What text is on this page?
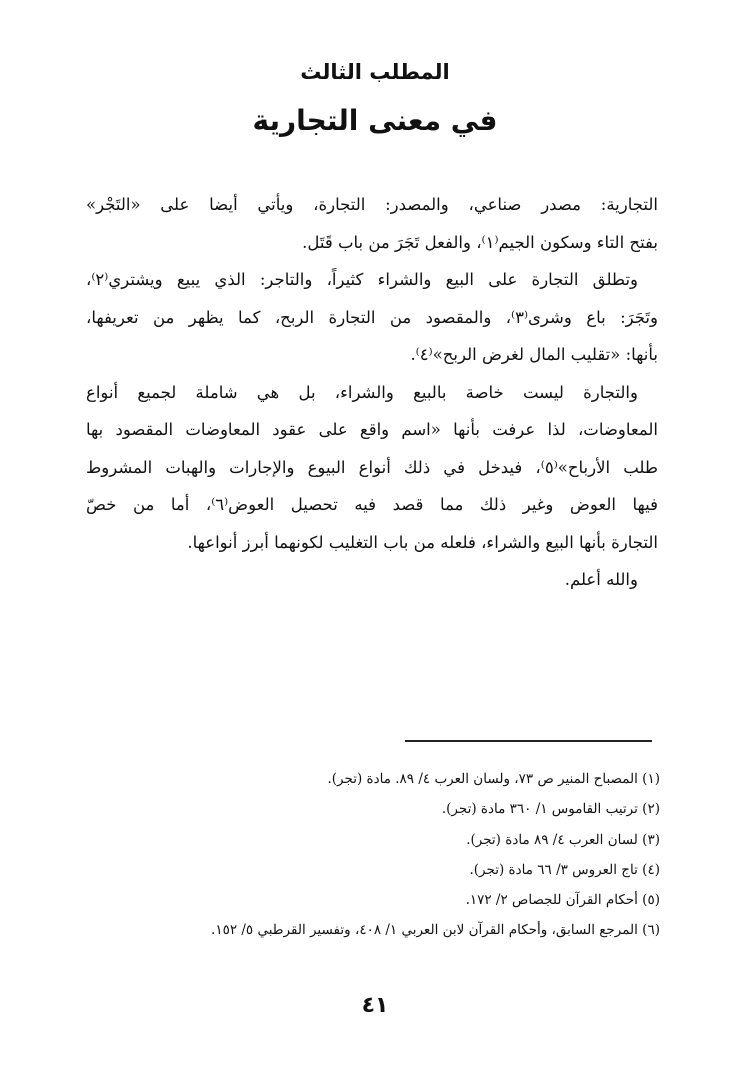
المطلب الثالث
في معنى التجارية
التجارية: مصدر صناعي، والمصدر: التجارة، ويأتي أيضا على «التَجْر»
بفتح التاء وسكون الجيم⁽١⁾، والفعل تَجَرَ من باب قَتَل.
وتطلق التجارة على البيع والشراء كثيراً، والتاجر: الذي يبيع ويشتري⁽٢⁾،
وتَجَرَ: باع وشرى⁽٣⁾، والمقصود من التجارة الربح، كما يظهر من تعريفها،
بأنها: «تقليب المال لغرض الربح»⁽٤⁾.
والتجارة ليست خاصة بالبيع والشراء، بل هي شاملة لجميع أنواع
المعاوضات، لذا عرفت بأنها «اسم واقع على عقود المعاوضات المقصود بها
طلب الأرباح»⁽٥⁾، فيدخل في ذلك أنواع البيوع والإجارات والهبات المشروط
فيها العوض وغير ذلك مما قصد فيه تحصيل العوض⁽٦⁾، أما من خصّ
التجارة بأنها البيع والشراء، فلعله من باب التغليب لكونهما أبرز أنواعها.
والله أعلم.
(١) المصباح المنير ص ٧٣، ولسان العرب ٤/ ٨٩. مادة (تجر).
(٢) ترتيب القاموس ١/ ٣٦٠ مادة (تجر).
(٣) لسان العرب ٤/ ٨٩ مادة (تجر).
(٤) تاج العروس ٣/ ٦٦ مادة (تجر).
(٥) أحكام القرآن للجصاص ٢/ ١٧٢.
(٦) المرجع السابق، وأحكام القرآن لابن العربي ١/ ٤٠٨، وتفسير القرطبي ٥/ ١٥٢.
٤١
